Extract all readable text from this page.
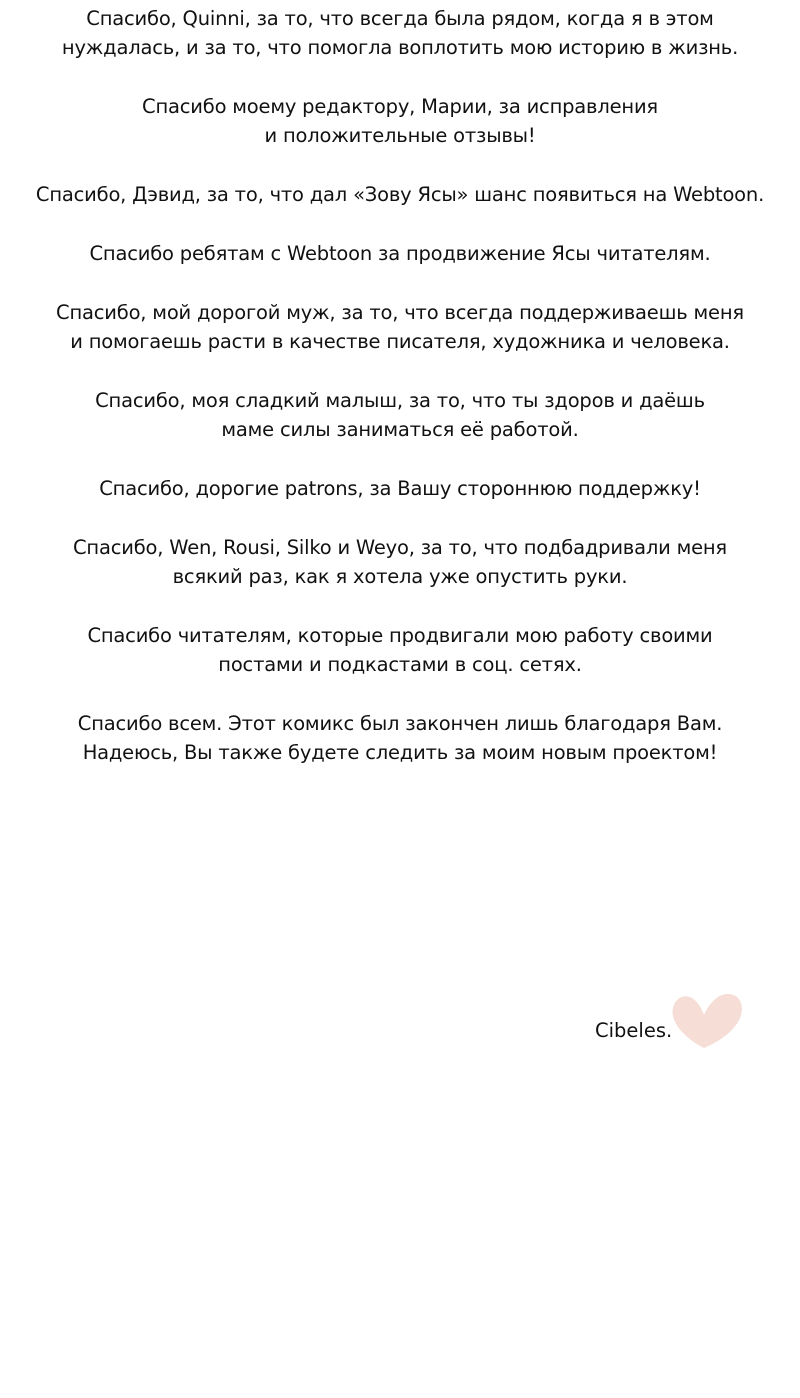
Спасибо, Quinni, за то, что всегда была рядом, когда я в этом
нуждалась, и за то, что помогла воплотить мою историю в жизнь.

Спасибо моему редактору, Марии, за исправления
и положительные отзывы!

Спасибо, Дэвид, за то, что дал «Зову Ясы» шанс появиться на Webtoon.

Спасибо ребятам с Webtoon за продвижение Ясы читателям.

Спасибо, мой дорогой муж, за то, что всегда поддерживаешь меня
и помогаешь расти в качестве писателя, художника и человека.

Спасибо, моя сладкий малыш, за то, что ты здоров и даёшь
маме силы заниматься её работой.

Спасибо, дорогие patrons, за Вашу стороннюю поддержку!

Спасибо, Wen, Rousi, Silko и Weyo, за то, что подбадривали меня
всякий раз, как я хотела уже опустить руки.

Спасибо читателям, которые продвигали мою работу своими
постами и подкастами в соц. сетях.

Спасибо всем. Этот комикс был закончен лишь благодаря Вам.
Надеюсь, Вы также будете следить за моим новым проектом!

Cibeles.
